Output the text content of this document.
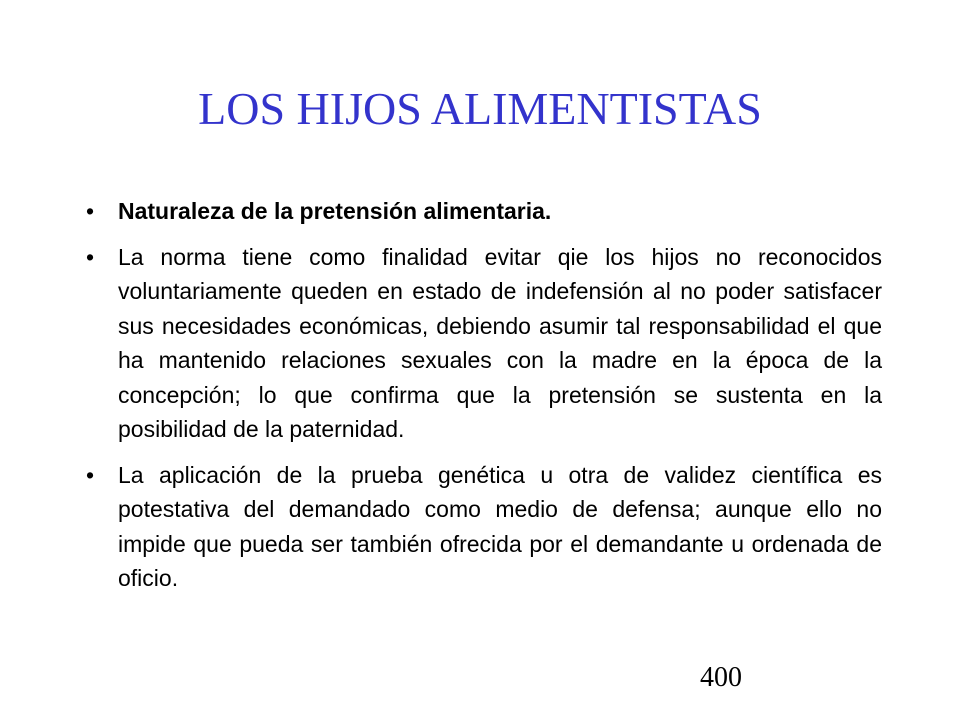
LOS HIJOS ALIMENTISTAS
• Naturaleza de la pretensión alimentaria.
• La norma tiene como finalidad evitar qie los hijos no reconocidos voluntariamente queden en estado de indefensión al no poder satisfacer sus necesidades económicas, debiendo asumir tal responsabilidad el que ha mantenido relaciones sexuales con la madre en la época de la concepción; lo que confirma que la pretensión se sustenta en la posibilidad de la paternidad.
• La aplicación de la prueba genética u otra de validez científica es potestativa del demandado como medio de defensa; aunque ello no impide que pueda ser también ofrecida por el demandante u ordenada de oficio.
400
